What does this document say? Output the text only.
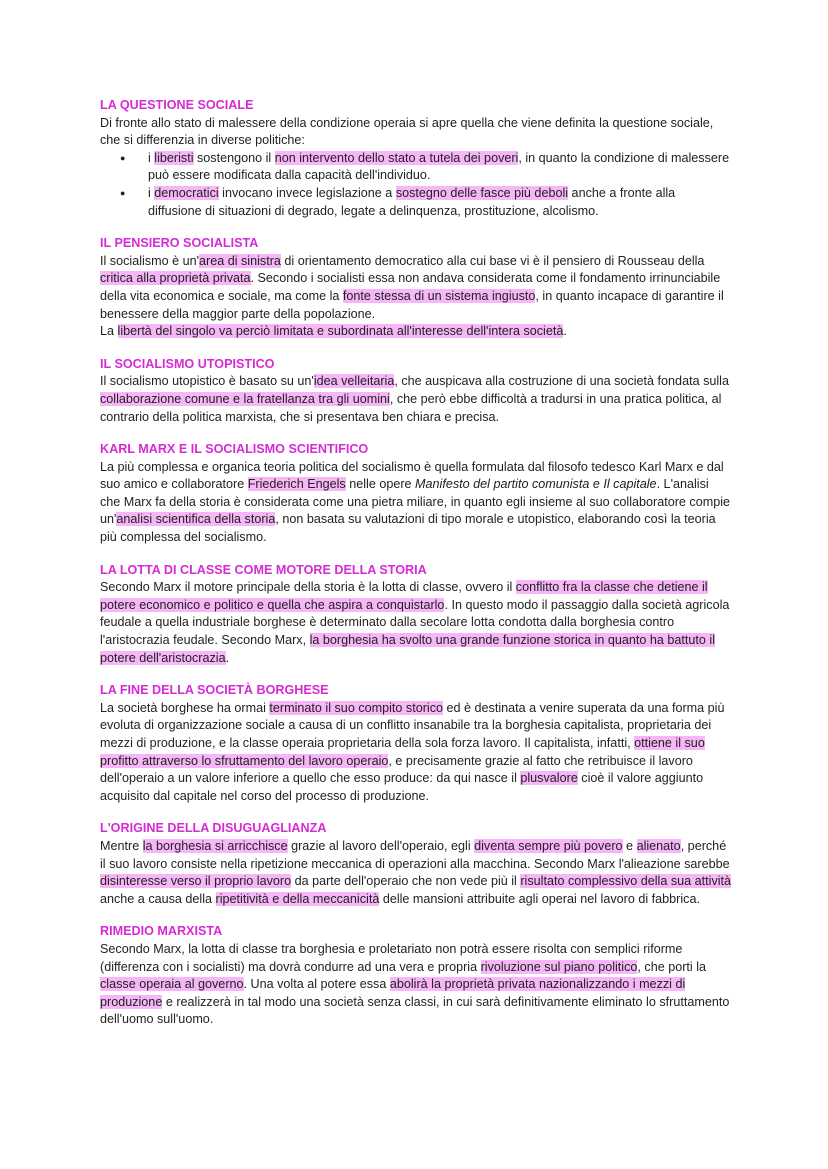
LA QUESTIONE SOCIALE
Di fronte allo stato di malessere della condizione operaia si apre quella che viene definita la questione sociale, che si differenzia in diverse politiche:
● i liberisti sostengono il non intervento dello stato a tutela dei poveri, in quanto la condizione di malessere può essere modificata dalla capacità dell'individuo.
● i democratici invocano invece legislazione a sostegno delle fasce più deboli anche a fronte alla diffusione di situazioni di degrado, legate a delinquenza, prostituzione, alcolismo.
IL PENSIERO SOCIALISTA
Il socialismo è un'area di sinistra di orientamento democratico alla cui base vi è il pensiero di Rousseau della critica alla proprietà privata. Secondo i socialisti essa non andava considerata come il fondamento irrinunciabile della vita economica e sociale, ma come la fonte stessa di un sistema ingiusto, in quanto incapace di garantire il benessere della maggior parte della popolazione.
La libertà del singolo va perciò limitata e subordinata all'interesse dell'intera società.
IL SOCIALISMO UTOPISTICO
Il socialismo utopistico è basato su un'idea velleitaria, che auspicava alla costruzione di una società fondata sulla collaborazione comune e la fratellanza tra gli uomini, che però ebbe difficoltà a tradursi in una pratica politica, al contrario della politica marxista, che si presentava ben chiara e precisa.
KARL MARX E IL SOCIALISMO SCIENTIFICO
La più complessa e organica teoria politica del socialismo è quella formulata dal filosofo tedesco Karl Marx e dal suo amico e collaboratore Friederich Engels nelle opere Manifesto del partito comunista e Il capitale. L'analisi che Marx fa della storia è considerata come una pietra miliare, in quanto egli insieme al suo collaboratore compie un'analisi scientifica della storia, non basata su valutazioni di tipo morale e utopistico, elaborando così la teoria più complessa del socialismo.
LA LOTTA DI CLASSE COME MOTORE DELLA STORIA
Secondo Marx il motore principale della storia è la lotta di classe, ovvero il conflitto fra la classe che detiene il potere economico e politico e quella che aspira a conquistarlo. In questo modo il passaggio dalla società agricola feudale a quella industriale borghese è determinato dalla secolare lotta condotta dalla borghesia contro l'aristocrazia feudale. Secondo Marx, la borghesia ha svolto una grande funzione storica in quanto ha battuto il potere dell'aristocrazia.
LA FINE DELLA SOCIETÀ BORGHESE
La società borghese ha ormai terminato il suo compito storico ed è destinata a venire superata da una forma più evoluta di organizzazione sociale a causa di un conflitto insanabile tra la borghesia capitalista, proprietaria dei mezzi di produzione, e la classe operaia proprietaria della sola forza lavoro. Il capitalista, infatti, ottiene il suo profitto attraverso lo sfruttamento del lavoro operaio, e precisamente grazie al fatto che retribuisce il lavoro dell'operaio a un valore inferiore a quello che esso produce: da qui nasce il plusvalore cioè il valore aggiunto acquisito dal capitale nel corso del processo di produzione.
L'ORIGINE DELLA DISUGUAGLIANZA
Mentre la borghesia si arricchisce grazie al lavoro dell'operaio, egli diventa sempre più povero e alienato, perché il suo lavoro consiste nella ripetizione meccanica di operazioni alla macchina. Secondo Marx l'alieazione sarebbe disinteresse verso il proprio lavoro da parte dell'operaio che non vede più il risultato complessivo della sua attività anche a causa della ripetitività e della meccanicità delle mansioni attribuite agli operai nel lavoro di fabbrica.
RIMEDIO MARXISTA
Secondo Marx, la lotta di classe tra borghesia e proletariato non potrà essere risolta con semplici riforme (differenza con i socialisti) ma dovrà condurre ad una vera e propria rivoluzione sul piano politico, che porti la classe operaia al governo. Una volta al potere essa abolirà la proprietà privata nazionalizzando i mezzi di produzione e realizzerà in tal modo una società senza classi, in cui sarà definitivamente eliminato lo sfruttamento dell'uomo sull'uomo.
